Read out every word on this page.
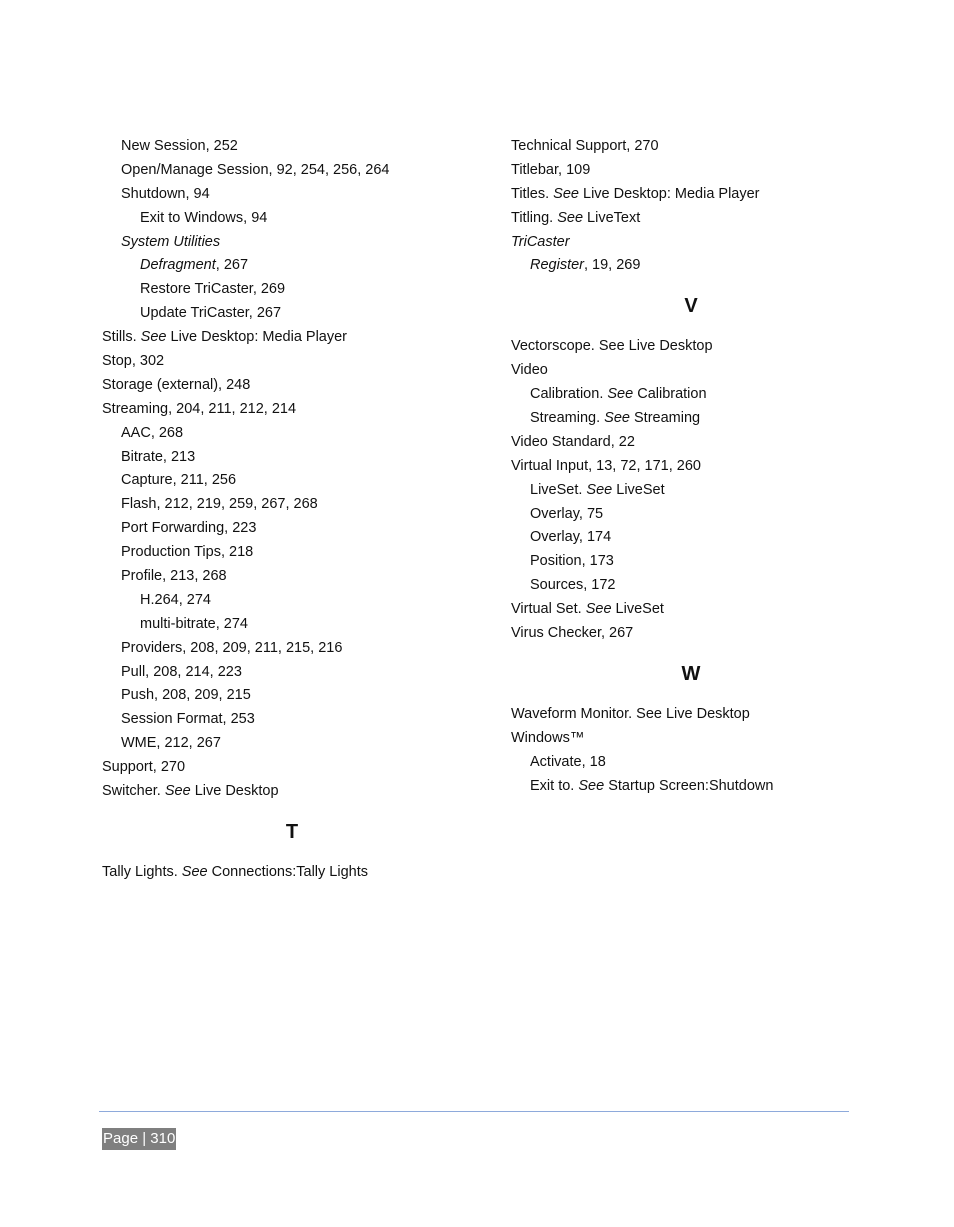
New Session, 252
Open/Manage Session, 92, 254, 256, 264
Shutdown, 94
Exit to Windows, 94
System Utilities
Defragment, 267
Restore TriCaster, 269
Update TriCaster, 267
Stills. See Live Desktop: Media Player
Stop, 302
Storage (external), 248
Streaming, 204, 211, 212, 214
AAC, 268
Bitrate, 213
Capture, 211, 256
Flash, 212, 219, 259, 267, 268
Port Forwarding, 223
Production Tips, 218
Profile, 213, 268
H.264, 274
multi-bitrate, 274
Providers, 208, 209, 211, 215, 216
Pull, 208, 214, 223
Push, 208, 209, 215
Session Format, 253
WME, 212, 267
Support, 270
Switcher. See Live Desktop
T
Tally Lights. See Connections:Tally Lights
Technical Support, 270
Titlebar, 109
Titles. See Live Desktop: Media Player
Titling. See LiveText
TriCaster
Register, 19, 269
V
Vectorscope. See Live Desktop
Video
Calibration. See Calibration
Streaming. See Streaming
Video Standard, 22
Virtual Input, 13, 72, 171, 260
LiveSet. See LiveSet
Overlay, 75
Overlay, 174
Position, 173
Sources, 172
Virtual Set. See LiveSet
Virus Checker, 267
W
Waveform Monitor. See Live Desktop
Windows™
Activate, 18
Exit to. See Startup Screen:Shutdown
Page | 310
